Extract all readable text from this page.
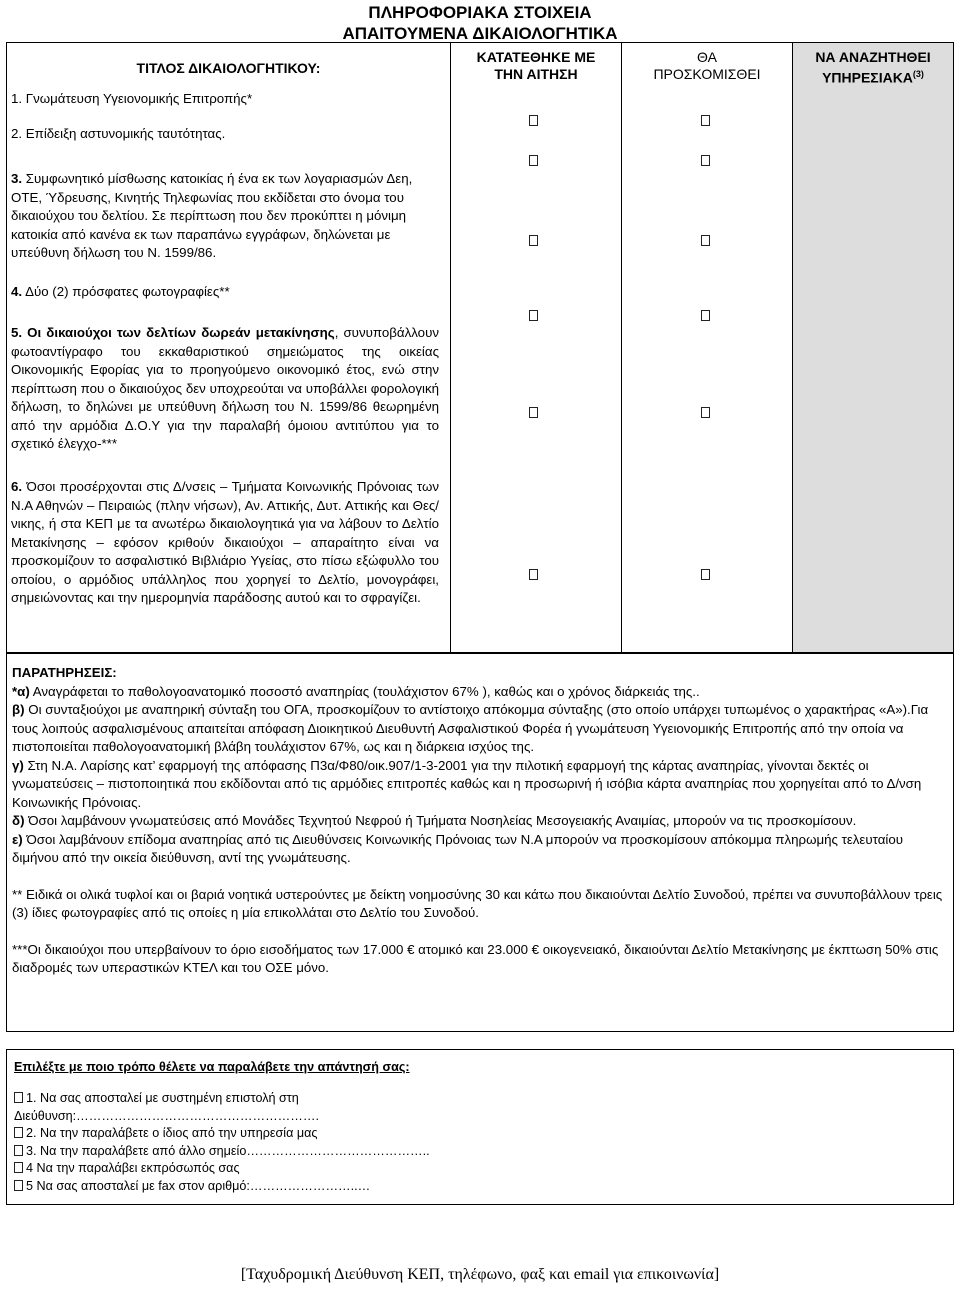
ΠΛΗΡΟΦΟΡΙΑΚΑ ΣΤΟΙΧΕΙΑ
ΑΠΑΙΤΟΥΜΕΝΑ ΔΙΚΑΙΟΛΟΓΗΤΙΚΑ
ΤΙΤΛΟΣ ΔΙΚΑΙΟΛΟΓΗΤΙΚΟΥ:
ΚΑΤΑΤΕΘΗΚΕ ΜΕ
ΤΗΝ ΑΙΤΗΣΗ
ΘΑ
ΠΡΟΣΚΟΜΙΣΘΕΙ
ΝΑ ΑΝΑΖΗΤΗΘΕΙ
ΥΠΗΡΕΣΙΑΚΑ$^{(3)}$
1. Γνωμάτευση Υγειονομικής Επιτροπής*
2. Επίδειξη αστυνομικής ταυτότητας.
3. Συμφωνητικό μίσθωσης κατοικίας ή ένα εκ των λογαριασμών Δεη, ΟΤΕ, Ύδρευσης, Κινητής Τηλεφωνίας που εκδίδεται στο όνομα του δικαιούχου του δελτίου. Σε περίπτωση που δεν προκύπτει η μόνιμη κατοικία από κανένα εκ των παραπάνω εγγράφων, δηλώνεται με υπεύθυνη δήλωση του Ν. 1599/86.
4. Δύο (2) πρόσφατες φωτογραφίες**
5. Οι δικαιούχοι των δελτίων δωρεάν μετακίνησης, συνυποβάλλουν φωτοαντίγραφο του εκκαθαριστικού σημειώματος της οικείας Οικονομικής Εφορίας για το προηγούμενο οικονομικό έτος, ενώ στην περίπτωση που ο δικαιούχος δεν υποχρεούται να υποβάλλει φορολογική δήλωση, το δηλώνει με υπεύθυνη δήλωση του Ν. 1599/86 θεωρημένη από την αρμόδια Δ.Ο.Υ για την παραλαβή όμοιου αντιτύπου για το σχετικό έλεγχο-***
6. Όσοι προσέρχονται στις Δ/νσεις – Τμήματα Κοινωνικής Πρόνοιας των Ν.Α Αθηνών – Πειραιώς (πλην νήσων), Αν. Αττικής, Δυτ. Αττικής και Θες/νικης, ή στα ΚΕΠ με τα ανωτέρω δικαιολογητικά για να λάβουν το Δελτίο Μετακίνησης – εφόσον κριθούν δικαιούχοι – απαραίτητο είναι να προσκομίζουν το ασφαλιστικό Βιβλιάριο Υγείας, στο πίσω εξώφυλλο του οποίου, ο αρμόδιος υπάλληλος που χορηγεί το Δελτίο, μονογράφει, σημειώνοντας και την ημερομηνία παράδοσης αυτού και το σφραγίζει.

ΠΑΡΑΤΗΡΗΣΕΙΣ:

*α) Αναγράφεται το παθολογοανατομικό ποσοστό αναπηρίας (τουλάχιστον 67% ), καθώς και ο χρόνος διάρκειάς της..

β) Οι συνταξιούχοι με αναπηρική σύνταξη του ΟΓΑ, προσκομίζουν το αντίστοιχο απόκομμα σύνταξης (στο οποίο υπάρχει τυπωμένος ο χαρακτήρας «Α»).Για τους λοιπούς ασφαλισμένους απαιτείται απόφαση Διοικητικού Διευθυντή Ασφαλιστικού Φορέα ή γνωμάτευση Υγειονομικής Επιτροπής από την οποία να πιστοποιείται παθολογοανατομική βλάβη τουλάχιστον 67%, ως και η διάρκεια ισχύος της.

γ) Στη Ν.Α. Λαρίσης κατ’ εφαρμογή της απόφασης Π3α/Φ80/οικ.907/1-3-2001 για την πιλοτική εφαρμογή της κάρτας αναπηρίας, γίνονται δεκτές οι γνωματεύσεις – πιστοποιητικά που εκδίδονται από τις αρμόδιες επιτροπές καθώς και η προσωρινή ή ισόβια κάρτα αναπηρίας που χορηγείται από το Δ/νση Κοινωνικής Πρόνοιας.

δ) Όσοι λαμβάνουν γνωματεύσεις από Μονάδες Τεχνητού Νεφρού ή Τμήματα Νοσηλείας Μεσογειακής Αναιμίας, μπορούν να τις προσκομίσουν.

ε) Όσοι λαμβάνουν επίδομα αναπηρίας από τις Διευθύνσεις Κοινωνικής Πρόνοιας των Ν.Α μπορούν να προσκομίσουν απόκομμα πληρωμής τελευταίου διμήνου από την οικεία διεύθυνση, αντί της γνωμάτευσης.

** Ειδικά οι ολικά τυφλοί και οι βαριά νοητικά υστερούντες με δείκτη νοημοσύνης 30 και κάτω που δικαιούνται Δελτίο Συνοδού, πρέπει να συνυποβάλλουν τρεις (3) ίδιες φωτογραφίες από τις οποίες η μία επικολλάται στο Δελτίο του Συνοδού.

***Οι δικαιούχοι που υπερβαίνουν το όριο εισοδήματος των 17.000 € ατομικό και 23.000 € οικογενειακό, δικαιούνται Δελτίο Μετακίνησης με έκπτωση 50% στις διαδρομές των υπεραστικών ΚΤΕΛ και του ΟΣΕ μόνο.

Επιλέξτε με ποιο τρόπο θέλετε να παραλάβετε την απάντησή σας:
1. Να σας αποσταλεί με συστημένη επιστολή στη
Διεύθυνση:………………………………………………….
2. Να την παραλάβετε ο ίδιος από την υπηρεσία μας
3. Να την παραλάβετε από άλλο σημείο……………………………………..
4 Να την παραλάβει εκπρόσωπός σας
5 Να σας αποσταλεί με fax στον αριθμό:……………………..…
[Ταχυδρομική Διεύθυνση ΚΕΠ, τηλέφωνο, φαξ και email για επικοινωνία]
